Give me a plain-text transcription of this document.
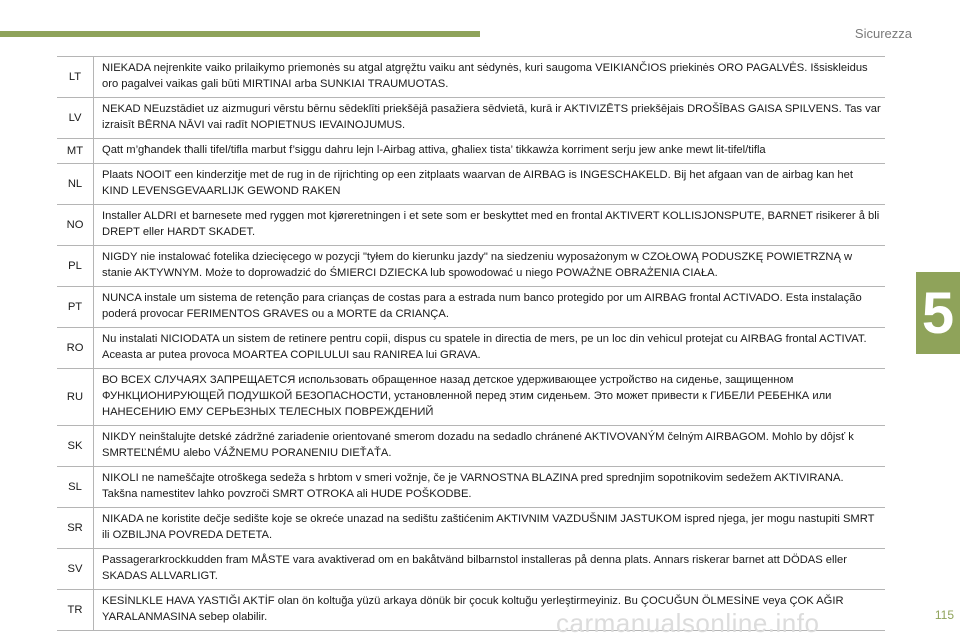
Sicurezza
LT	NIEKADA neįrenkite vaiko prilaikymo priemonės su atgal atgręžtu vaiku ant sėdynės, kuri saugoma VEIKIANČIOS priekinės ORO PAGALVĖS. Išsiskleidus oro pagalvei vaikas gali būti MIRTINAI arba SUNKIAI TRAUMUOTAS.
LV	NEKAD NEuzstādiet uz aizmuguri vērstu bērnu sēdeklīti priekšējā pasažiera sēdvietā, kurā ir AKTIVIZĒTS priekšējais DROŠĪBAS GAISA SPILVENS. Tas var izraisīt BĒRNA NĀVI vai radīt NOPIETNUS IEVAINOJUMUS.
MT	Qatt m’għandek tħalli tifel/tifla marbut f’siggu dahru lejn l-Airbag attiva, għaliex tista’ tikkawża korriment serju jew anke mewt lit-tifel/tifla
NL	Plaats NOOIT een kinderzitje met de rug in de rijrichting op een zitplaats waarvan de AIRBAG is INGESCHAKELD. Bij het afgaan van de airbag kan het KIND LEVENSGEVAARLIJK GEWOND RAKEN
NO	Installer ALDRI et barnesete med ryggen mot kjøreretningen i et sete som er beskyttet med en frontal AKTIVERT KOLLISJONSPUTE, BARNET risikerer å bli DREPT eller HARDT SKADET.
PL	NIGDY nie instalować fotelika dziecięcego w pozycji "tyłem do kierunku jazdy" na siedzeniu wyposażonym w CZOŁOWĄ PODUSZKĘ POWIETRZNĄ w stanie AKTYWNYM. Może to doprowadzić do ŚMIERCI DZIECKA lub spowodować u niego POWAŻNE OBRAŻENIA CIAŁA.
PT	NUNCA instale um sistema de retenção para crianças de costas para a estrada num banco protegido por um AIRBAG frontal ACTIVADO. Esta instalação poderá provocar FERIMENTOS GRAVES ou a MORTE da CRIANÇA.
RO	Nu instalati NICIODATA un sistem de retinere pentru copii, dispus cu spatele in directia de mers, pe un loc din vehicul protejat cu AIRBAG frontal ACTIVAT. Aceasta ar putea provoca MOARTEA COPILULUI sau RANIREA lui GRAVA.
RU	ВО ВСЕХ СЛУЧАЯХ ЗАПРЕЩАЕТСЯ использовать обращенное назад детское удерживающее устройство на сиденье, защищенном ФУНКЦИОНИРУЮЩЕЙ ПОДУШКОЙ БЕЗОПАСНОСТИ, установленной перед этим сиденьем. Это может привести к ГИБЕЛИ РЕБЕНКА или НАНЕСЕНИЮ ЕМУ СЕРЬЕЗНЫХ ТЕЛЕСНЫХ ПОВРЕЖДЕНИЙ
SK	NIKDY neinštalujte detské zádržné zariadenie orientované smerom dozadu na sedadlo chránené AKTIVOVANÝM čelným AIRBAGOM. Mohlo by dôjsť k SMRTEĽNÉMU alebo VÁŽNEMU PORANENIU DIEŤAŤA.
SL	NIKOLI ne nameščajte otroškega sedeža s hrbtom v smeri vožnje, če je VARNOSTNA BLAZINA pred sprednjim sopotnikovim sedežem AKTIVIRANA. Takšna namestitev lahko povzroči SMRT OTROKA ali HUDE POŠKODBE.
SR	NIKADA ne koristite dečje sedište koje se okreće unazad na sedištu zaštićenim AKTIVNIM VAZDUŠNIM JASTUKOM ispred njega, jer mogu nastupiti SMRT ili OZBILJNA POVREDA DETETA.
SV	Passagerarkrockkudden fram MÅSTE vara avaktiverad om en bakåtvänd bilbarnstol installeras på denna plats. Annars riskerar barnet att DÖDAS eller SKADAS ALLVARLIGT.
TR	KESİNLKLE HAVA YASTIĞI AKTİF olan ön koltuğa yüzü arkaya dönük bir çocuk koltuğu yerleştirmeyiniz. Bu ÇOCUĞUN ÖLMESİNE veya ÇOK AĞIR YARALANMASINA sebep olabilir.
5
carmanualsonline.info	115
